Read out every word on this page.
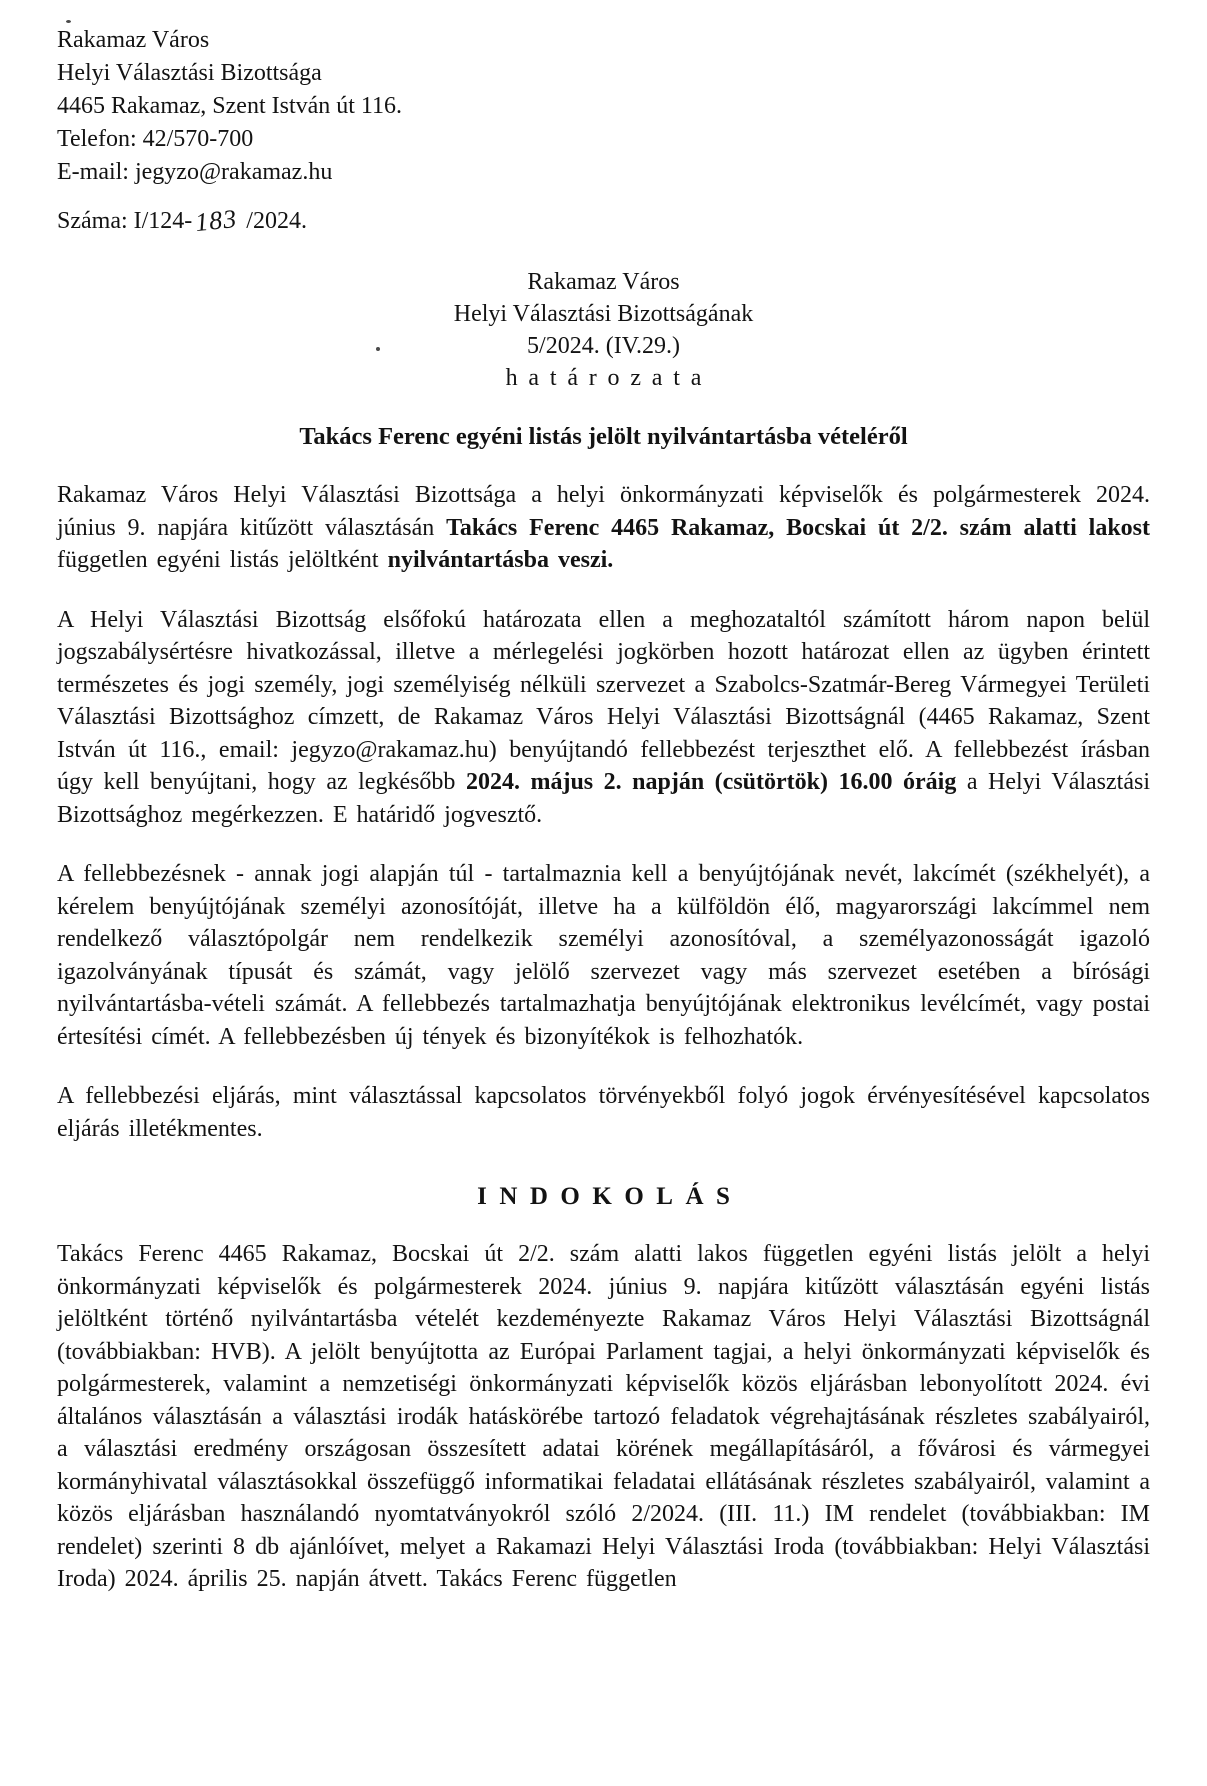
Rakamaz Város
Helyi Választási Bizottsága
4465 Rakamaz, Szent István út 116.
Telefon: 42/570-700
E-mail: jegyzo@rakamaz.hu
Száma: I/124-183 /2024.
Rakamaz Város
Helyi Választási Bizottságának
5/2024. (IV.29.)
határozata
Takács Ferenc egyéni listás jelölt nyilvántartásba vételéről

Rakamaz Város Helyi Választási Bizottsága a helyi önkormányzati képviselők és polgármesterek 2024. június 9. napjára kitűzött választásán Takács Ferenc 4465 Rakamaz, Bocskai út 2/2. szám alatti lakost független egyéni listás jelöltként nyilvántartásba veszi.

A Helyi Választási Bizottság elsőfokú határozata ellen a meghozataltól számított három napon belül jogszabálysértésre hivatkozással, illetve a mérlegelési jogkörben hozott határozat ellen az ügyben érintett természetes és jogi személy, jogi személyiség nélküli szervezet a Szabolcs-Szatmár-Bereg Vármegyei Területi Választási Bizottsághoz címzett, de Rakamaz Város Helyi Választási Bizottságnál (4465 Rakamaz, Szent István út 116., email: jegyzo@rakamaz.hu) benyújtandó fellebbezést terjeszthet elő. A fellebbezést írásban úgy kell benyújtani, hogy az legkésőbb 2024. május 2. napján (csütörtök) 16.00 óráig a Helyi Választási Bizottsághoz megérkezzen. E határidő jogvesztő.

A fellebbezésnek - annak jogi alapján túl - tartalmaznia kell a benyújtójának nevét, lakcímét (székhelyét), a kérelem benyújtójának személyi azonosítóját, illetve ha a külföldön élő, magyarországi lakcímmel nem rendelkező választópolgár nem rendelkezik személyi azonosítóval, a személyazonosságát igazoló igazolványának típusát és számát, vagy jelölő szervezet vagy más szervezet esetében a bírósági nyilvántartásba-vételi számát. A fellebbezés tartalmazhatja benyújtójának elektronikus levélcímét, vagy postai értesítési címét. A fellebbezésben új tények és bizonyítékok is felhozhatók.

A fellebbezési eljárás, mint választással kapcsolatos törvényekből folyó jogok érvényesítésével kapcsolatos eljárás illetékmentes.

INDOKOLÁS

Takács Ferenc 4465 Rakamaz, Bocskai út 2/2. szám alatti lakos független egyéni listás jelölt a helyi önkormányzati képviselők és polgármesterek 2024. június 9. napjára kitűzött választásán egyéni listás jelöltként történő nyilvántartásba vételét kezdeményezte Rakamaz Város Helyi Választási Bizottságnál (továbbiakban: HVB). A jelölt benyújtotta az Európai Parlament tagjai, a helyi önkormányzati képviselők és polgármesterek, valamint a nemzetiségi önkormányzati képviselők közös eljárásban lebonyolított 2024. évi általános választásán a választási irodák hatáskörébe tartozó feladatok végrehajtásának részletes szabályairól, a választási eredmény országosan összesített adatai körének megállapításáról, a fővárosi és vármegyei kormányhivatal választásokkal összefüggő informatikai feladatai ellátásának részletes szabályairól, valamint a közös eljárásban használandó nyomtatványokról szóló 2/2024. (III. 11.) IM rendelet (továbbiakban: IM rendelet) szerinti 8 db ajánlóívet, melyet a Rakamazi Helyi Választási Iroda (továbbiakban: Helyi Választási Iroda) 2024. április 25. napján átvett. Takács Ferenc független
